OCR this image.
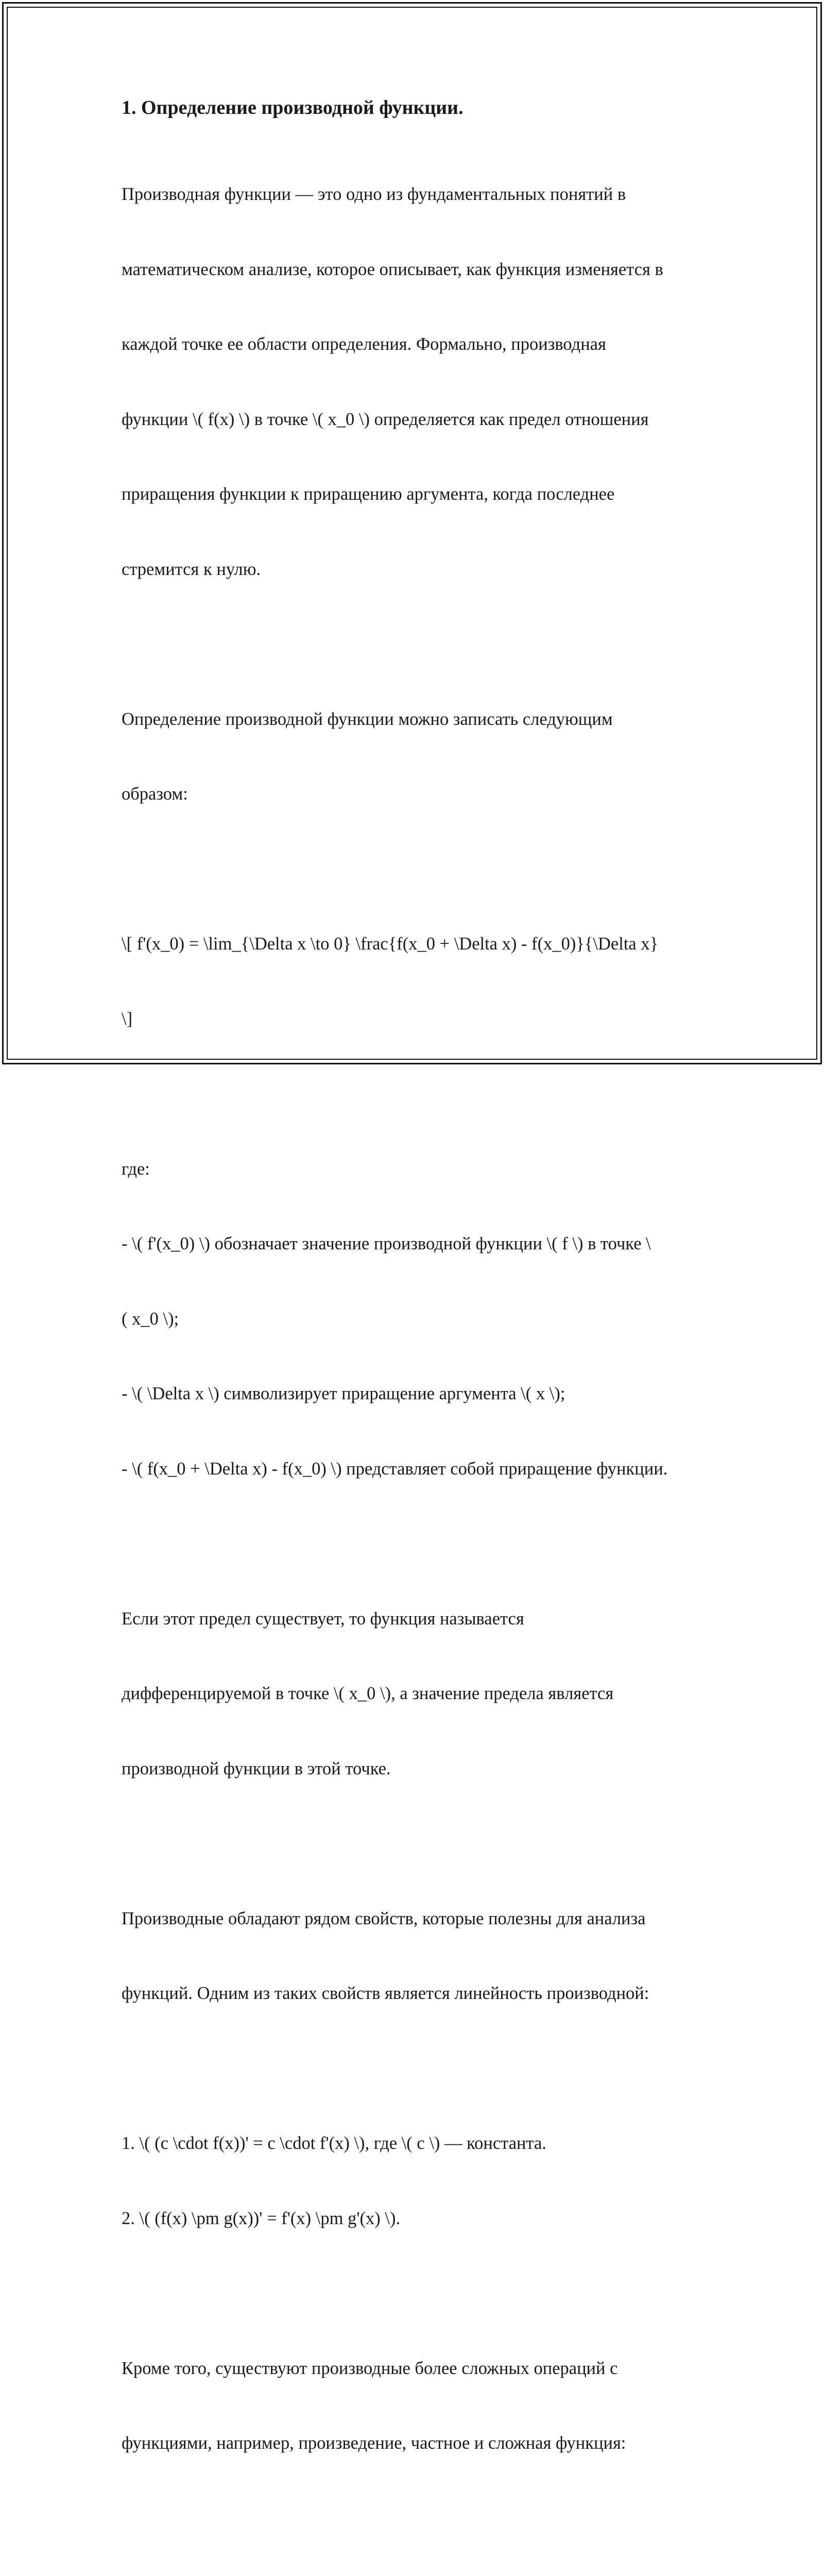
1. Определение производной функции.

Производная функции — это одно из фундаментальных понятий в

математическом анализе, которое описывает, как функция изменяется в

каждой точке ее области определения. Формально, производная

функции \( f(x) \) в точке \( x_0 \) определяется как предел отношения

приращения функции к приращению аргумента, когда последнее

стремится к нулю.

Определение производной функции можно записать следующим

образом:

\[ f'(x_0) = \lim_{\Delta x \to 0} \frac{f(x_0 + \Delta x) - f(x_0)}{\Delta x}

\]

где:

- \( f'(x_0) \) обозначает значение производной функции \( f \) в точке \

( x_0 \);

- \( \Delta x \) символизирует приращение аргумента \( x \);

- \( f(x_0 + \Delta x) - f(x_0) \) представляет собой приращение функции.

Если этот предел существует, то функция называется

дифференцируемой в точке \( x_0 \), а значение предела является

производной функции в этой точке.

Производные обладают рядом свойств, которые полезны для анализа

функций. Одним из таких свойств является линейность производной:

1. \( (c \cdot f(x))' = c \cdot f'(x) \), где \( c \) — константа.

2. \( (f(x) \pm g(x))' = f'(x) \pm g'(x) \).

Кроме того, существуют производные более сложных операций с

функциями, например, произведение, частное и сложная функция:
